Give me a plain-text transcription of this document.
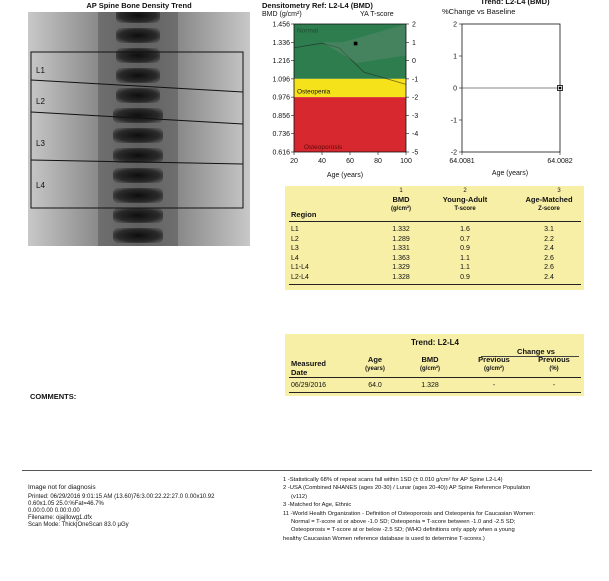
AP Spine Bone Density Trend
L1
L2
L3
L4
Densitometry Ref: L2-L4 (BMD)
BMD (g/cm²)	YA T-score
Normal
Osteopenia
Osteoporosis
1.456
1.336
1.216
1.096
0.976
0.856
0.736
0.616
2
1
0
-1
-2
-3
-4
-5
20	40	60	80	100
Age (years)
Trend: L2-L4 (BMD)
%Change vs Baseline
2
1
0
-1
-2
64.0081	64.0082
Age (years)
1	2	3
Region
BMD
(g/cm²)
Young-Adult
T-score
Age-Matched
Z-score
L1	1.332	1.6	3.1
L2	1.289	0.7	2.2
L3	1.331	0.9	2.4
L4	1.363	1.1	2.6
L1-L4	1.329	1.1	2.6
L2-L4	1.328	0.9	2.4
Trend: L2-L4
Change vs
Measured
Date
Age
(years)
BMD
(g/cm²)
Previous
(g/cm²)
Previous
(%)
06/29/2016	64.0	1.328	-	-
COMMENTS:
Image not for diagnosis
Printed: 06/29/2016 9:01:15 AM (13.60)76:3.00:22.22:27.0 0.00x10.92
0.60x1.05 25.0:%Fat=46.7%
0.00:0.00 0.00:0.00
Filename: ojajllowg1.dfx
Scan Mode: Thick|OneScan 83.0 µGy
1 -Statistically 68% of repeat scans fall within 1SD (± 0.010 g/cm² for AP Spine L2-L4)
2 -USA (Combined NHANES (ages 20-30) / Lunar (ages 20-40)) AP Spine Reference Population
(v112)
3 -Matched for Age, Ethnic
11 -World Health Organization - Definition of Osteoporosis and Osteopenia for Caucasian Women:
Normal = T-score at or above -1.0 SD; Osteopenia = T-score between -1.0 and -2.5 SD;
Osteoporosis = T-score at or below -2.5 SD; (WHO definitions only apply when a young
healthy Caucasian Women reference database is used to determine T-scores.)
